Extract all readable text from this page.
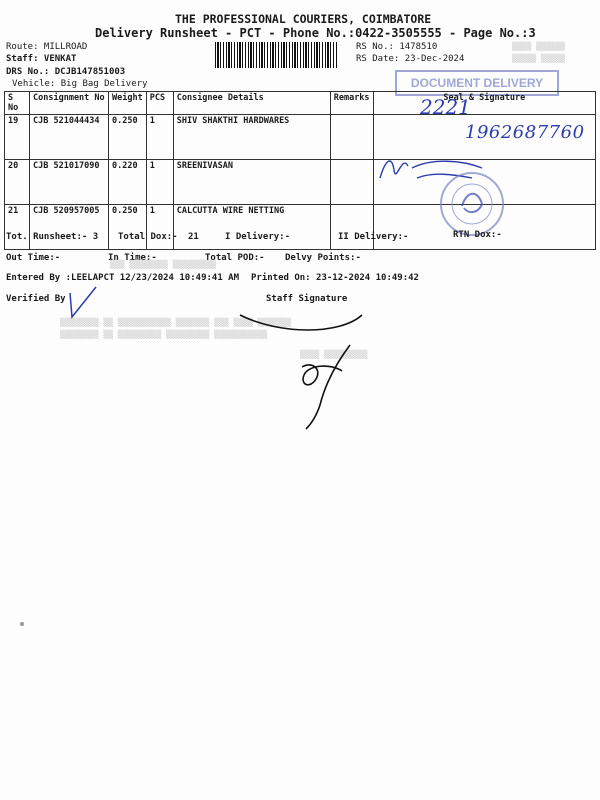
THE PROFESSIONAL COURIERS, COIMBATORE
Delivery Runsheet - PCT - Phone No.:0422-3505555 - Page No.:3
Route: MILLROAD
Staff: VENKAT
DRS No.: DCJB147851003
Vehicle: Big Bag Delivery
RS No.: 1478510
RS Date: 23-Dec-2024
▒▒▒▒ ▒▒▒▒▒▒
▒▒▒▒▒ ▒▒▒▒▒
DOCUMENT DELIVERY
S No	Consignment No	Weight	PCS	Consignee Details	Remarks	Seal & Signature
19	CJB 521044434	0.250	1	SHIV SHAKTHI HARDWARES		
20	CJB 521017090	0.220	1	SREENIVASAN		
21	CJB 520957005	0.250	1	CALCUTTA WIRE NETTING		
2221
1962687760
Tot. Runsheet:- 3 Total Dox:- 21	I Delivery:-	II Delivery:-	RTN Dox:-
Out Time:-	In Time:-	Total POD:- Delvy Points:-
Entered By :LEELAPCT 12/23/2024 10:49:41 AM Printed On: 23-12-2024 10:49:42
Verified By	Staff Signature
▒▒▒ ▒▒▒▒▒▒▒▒ ▒▒▒▒▒▒▒▒▒
▒▒▒▒▒▒▒▒ ▒▒ ▒▒▒▒▒▒▒▒▒▒▒ ▒▒▒▒▒▒▒ ▒▒▒ ▒▒▒▒ ▒▒▒▒▒▒▒
▒▒▒▒▒▒▒▒ ▒▒ ▒▒▒▒▒▒▒▒▒ ▒▒▒▒▒▒▒▒▒ ▒▒▒▒▒▒▒▒▒▒▒
▒▒▒▒ ▒▒▒▒▒▒▒▒▒
